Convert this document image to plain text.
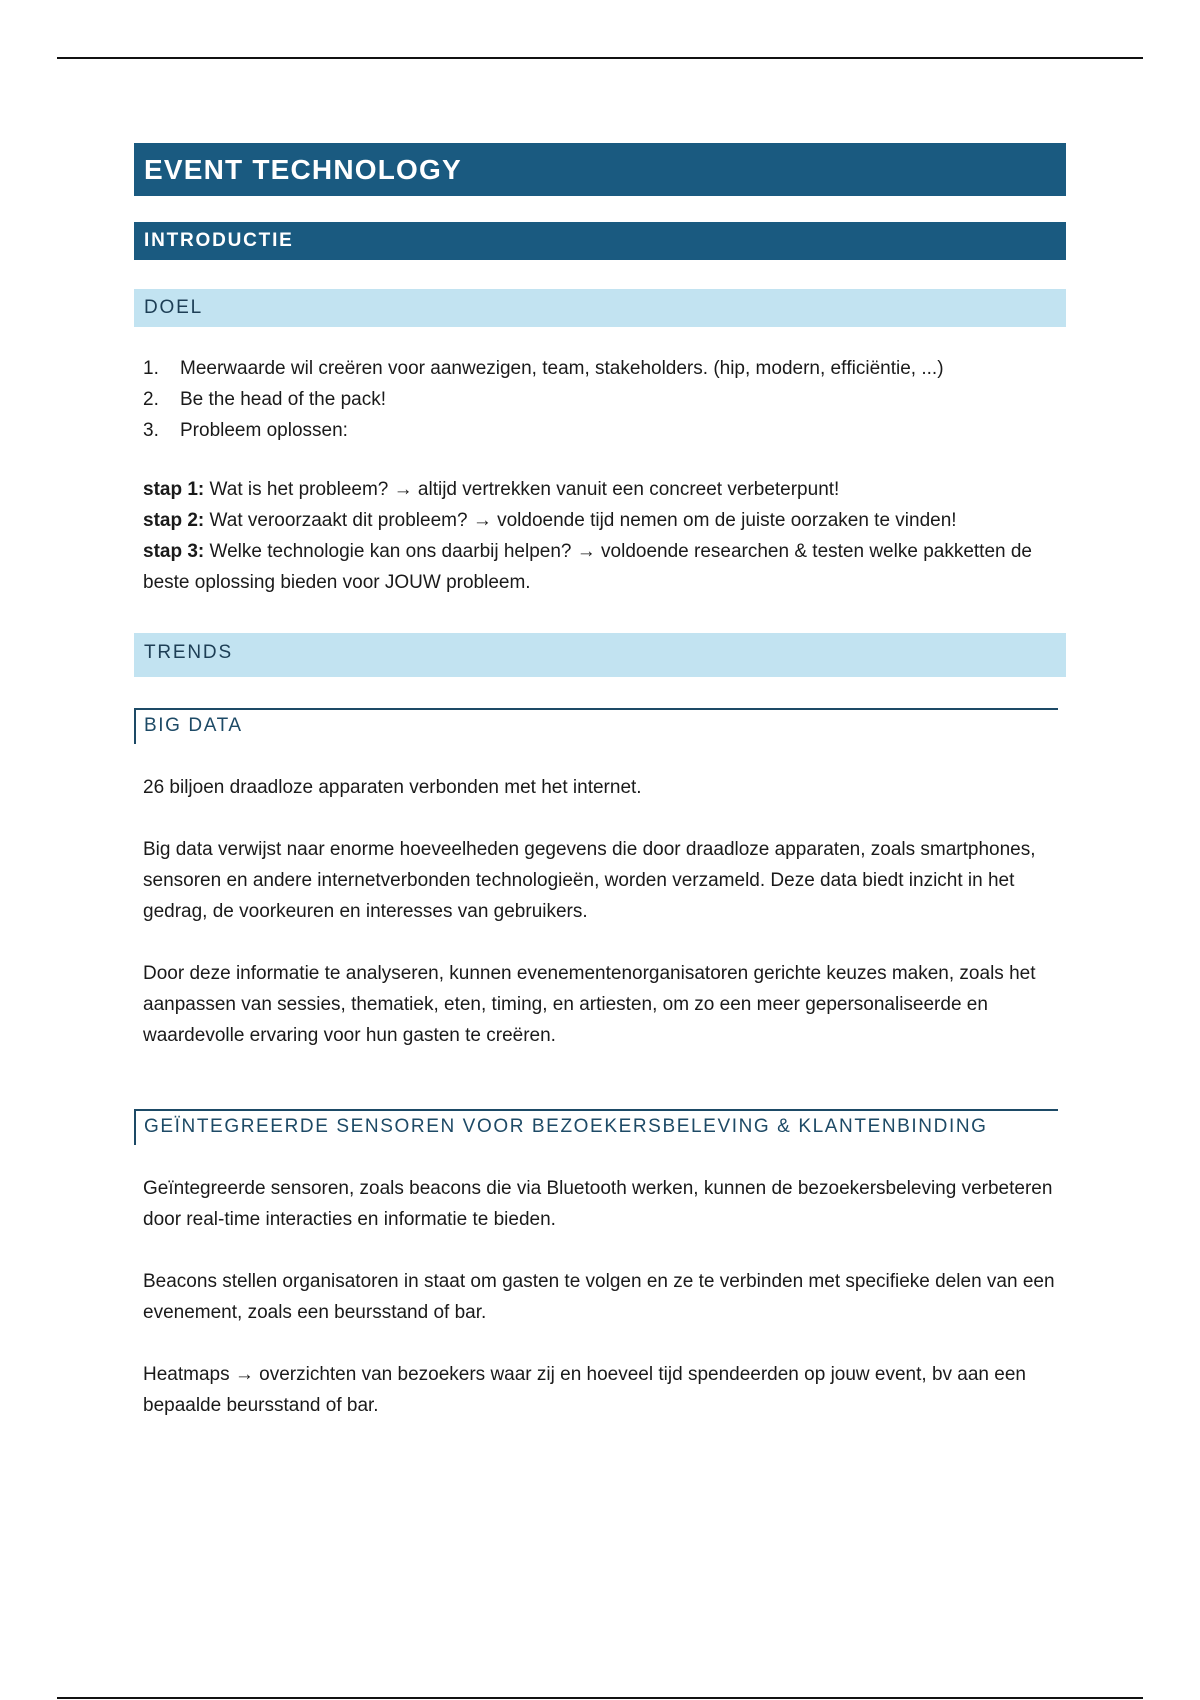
EVENT TECHNOLOGY
INTRODUCTIE
DOEL
1.	Meerwaarde wil creëren voor aanwezigen, team, stakeholders. (hip, modern, efﬁciëntie, ...)
2.	Be the head of the pack!
3.	Probleem oplossen:

stap 1: Wat is het probleem? → altijd vertrekken vanuit een concreet verbeterpunt!

stap 2: Wat veroorzaakt dit probleem? → voldoende tijd nemen om de juiste oorzaken te vinden!

stap 3: Welke technologie kan ons daarbij helpen? → voldoende researchen & testen welke pakketten de beste oplossing bieden voor JOUW probleem.

TRENDS
BIG DATA

26 biljoen draadloze apparaten verbonden met het internet.

Big data verwijst naar enorme hoeveelheden gegevens die door draadloze apparaten, zoals smartphones, sensoren en andere internetverbonden technologieën, worden verzameld. Deze data biedt inzicht in het gedrag, de voorkeuren en interesses van gebruikers.

Door deze informatie te analyseren, kunnen evenementenorganisatoren gerichte keuzes maken, zoals het aanpassen van sessies, thematiek, eten, timing, en artiesten, om zo een meer gepersonaliseerde en waardevolle ervaring voor hun gasten te creëren.

GEÏNTEGREERDE SENSOREN VOOR BEZOEKERSBELEVING & KLANTENBINDING

Geïntegreerde sensoren, zoals beacons die via Bluetooth werken, kunnen de bezoekersbeleving verbeteren door real-time interacties en informatie te bieden.

Beacons stellen organisatoren in staat om gasten te volgen en ze te verbinden met specifieke delen van een evenement, zoals een beursstand of bar.

Heatmaps → overzichten van bezoekers waar zij en hoeveel tijd spendeerden op jouw event, bv aan een bepaalde beursstand of bar.
